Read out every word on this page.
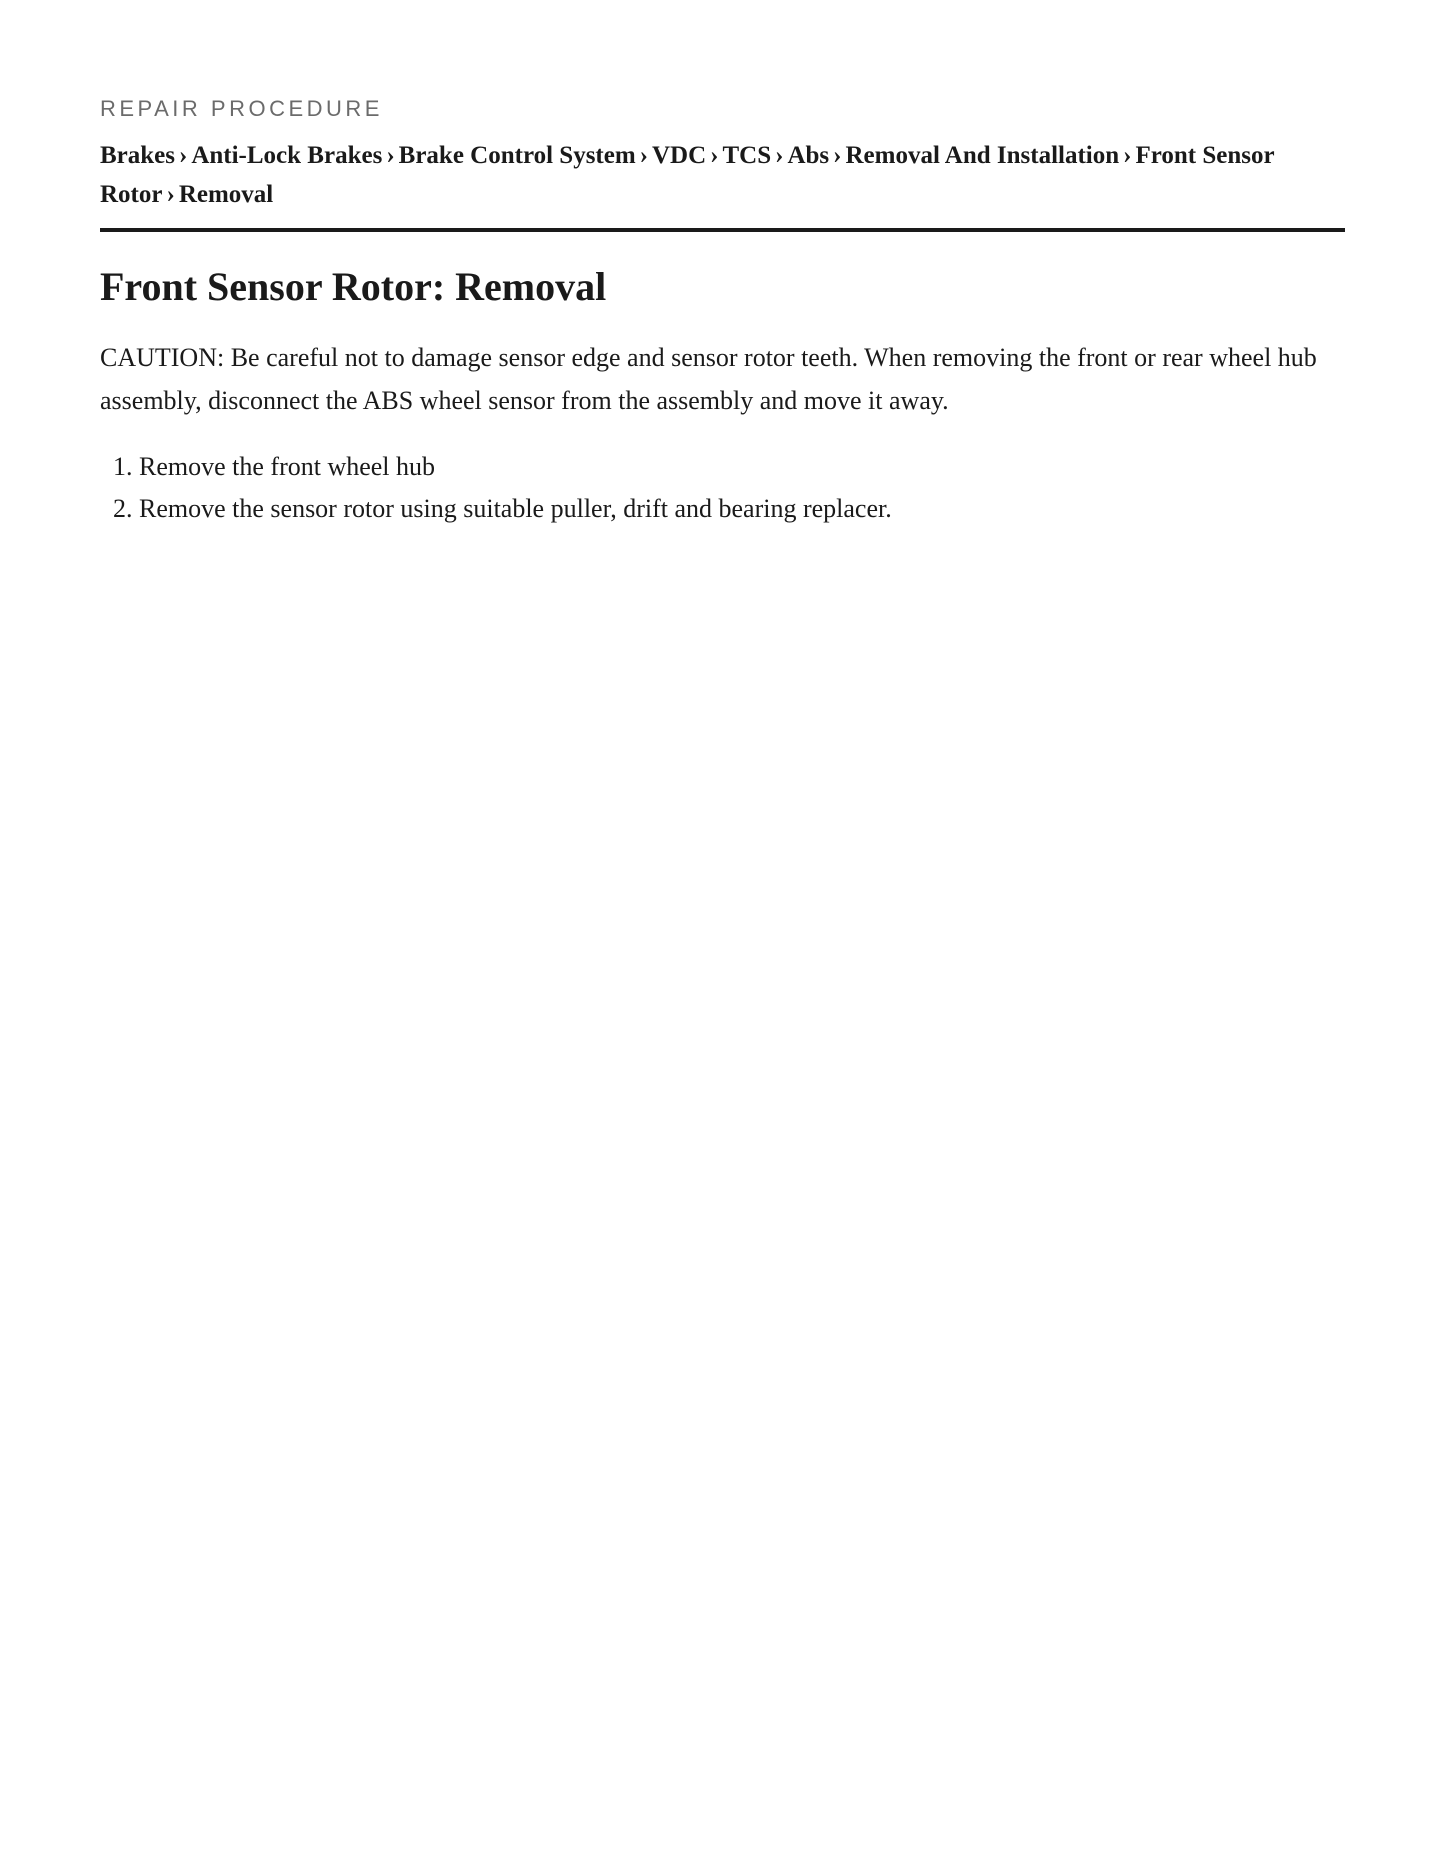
REPAIR PROCEDURE
Brakes › Anti-Lock Brakes › Brake Control System › VDC › TCS › Abs › Removal And Installation › Front Sensor Rotor › Removal
Front Sensor Rotor: Removal

CAUTION: Be careful not to damage sensor edge and sensor rotor teeth. When removing the front or rear wheel hub assembly, disconnect the ABS wheel sensor from the assembly and move it away.

1. Remove the front wheel hub
2. Remove the sensor rotor using suitable puller, drift and bearing replacer.
